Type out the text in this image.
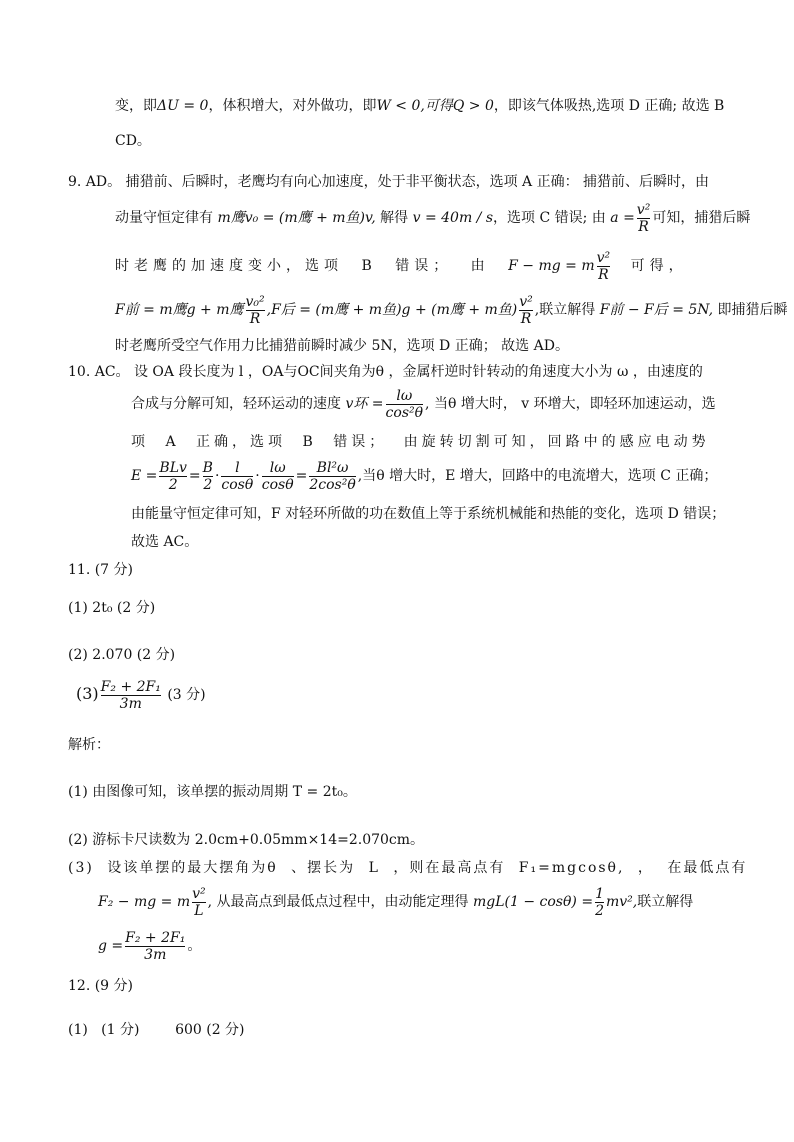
变，即ΔU = 0，体积增大，对外做功，即W < 0,可得Q > 0，即该气体吸热,选项 D 正确; 故选 B
CD。
9. AD。 捕猎前、后瞬时，老鹰均有向心加速度，处于非平衡状态，选项 A 正确： 捕猎前、后瞬时，由
动量守恒定律有 m鹰v₀ = (m鹰 + m鱼)v, 解得 v = 40m / s，选项 C 错误; 由 $a = \frac{\text{v²}}{R}$ 可知，捕猎后瞬
时老鹰的加速度变小，选项 B 错误； 由 F − mg = m $\frac{\text{v²}}{R}$ 可得，
F前 = m鹰g + m鹰 $\frac{\text{v₀²}}{R} ,F$后 = (m鹰 + m鱼)g + (m鹰 + m鱼) $\frac{\text{v²}}{R}$ ,联立解得 F前 − F后 = 5N, 即捕猎后瞬
时老鹰所受空气作用力比捕猎前瞬时减少 5N，选项 D 正确； 故选 AD。
10. AC。 设 OA 段长度为 l ，OA与OC间夹角为θ ，金属杆逆时针转动的角速度大小为 ω ，由速度的
合成与分解可知，轻环运动的速度 v环 = $\frac{l\omega}{\text{cos²θ}}$ , 当θ 增大时， v 环增大，即轻环加速运动，选
项 A 正确，选项 B 错误； 由旋转切割可知，回路中的感应电动势
$E = \frac{\text{BLv}}{2} = \frac{B}{2} \cdot \frac{l}{\cos\theta} \cdot \frac{l\omega}{\cos\theta} = \frac{\text{Bl²ω}}{\text{2cos²θ}}$ ,当θ 增大时，E 增大，回路中的电流增大，选项 C 正确；
由能量守恒定律可知，F 对轻环所做的功在数值上等于系统机械能和热能的变化，选项 D 错误；
故选 AC。
11. (7 分)
(1) 2t₀ (2 分)
(2) 2.070 (2 分)
$(3) \frac{\text{F₂ + 2F₁}}{3m} (3$ 分)
解析：
(1) 由图像可知，该单摆的振动周期 T = 2t₀。
(2) 游标卡尺读数为 2.0cm+0.05mm×14=2.070cm。
(3) 设该单摆的最大摆角为θ 、摆长为 L ，则在最高点有 F₁=mgcosθ, ， 在最低点有
F₂ − mg = m $\frac{\text{v²}}{L}$ , 从最高点到最低点过程中，由动能定理得 $mgL(1 - \cos\theta) = \frac{1}{2} mv^2$,联立解得
$g = \frac{\text{F₂ + 2F₁}}{3m}$ 。
12. (9 分)
(1)   (1 分)        600 (2 分)
